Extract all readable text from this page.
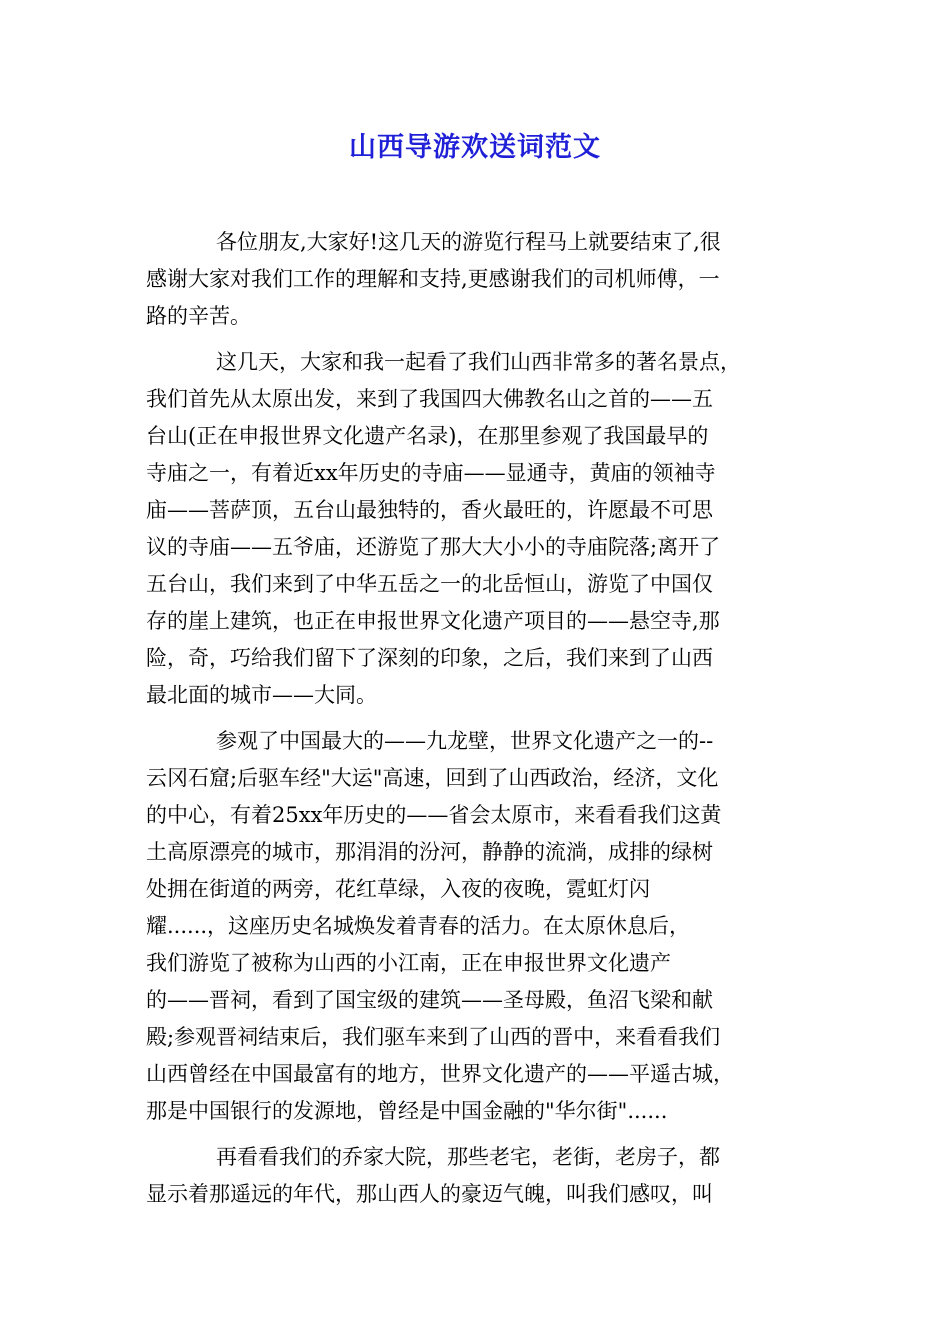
山西导游欢送词范文
各位朋友,大家好!这几天的游览行程马上就要结束了,很
感谢大家对我们工作的理解和支持,更感谢我们的司机师傅，一
路的辛苦。
这几天，大家和我一起看了我们山西非常多的著名景点，
我们首先从太原出发，来到了我国四大佛教名山之首的——五
台山(正在申报世界文化遗产名录)，在那里参观了我国最早的
寺庙之一，有着近xx年历史的寺庙——显通寺，黄庙的领袖寺
庙——菩萨顶，五台山最独特的，香火最旺的，许愿最不可思
议的寺庙——五爷庙，还游览了那大大小小的寺庙院落;离开了
五台山，我们来到了中华五岳之一的北岳恒山，游览了中国仅
存的崖上建筑，也正在申报世界文化遗产项目的——悬空寺,那
险，奇，巧给我们留下了深刻的印象，之后，我们来到了山西
最北面的城市——大同。
参观了中国最大的——九龙壁，世界文化遗产之一的--
云冈石窟;后驱车经"大运"高速，回到了山西政治，经济，文化
的中心，有着25xx年历史的——省会太原市，来看看我们这黄
土高原漂亮的城市，那涓涓的汾河，静静的流淌，成排的绿树
处拥在街道的两旁，花红草绿，入夜的夜晚，霓虹灯闪
耀......，这座历史名城焕发着青春的活力。在太原休息后，
我们游览了被称为山西的小江南，正在申报世界文化遗产
的——晋祠，看到了国宝级的建筑——圣母殿，鱼沼飞梁和献
殿;参观晋祠结束后，我们驱车来到了山西的晋中，来看看我们
山西曾经在中国最富有的地方，世界文化遗产的——平遥古城，
那是中国银行的发源地，曾经是中国金融的"华尔街"......
再看看我们的乔家大院，那些老宅，老街，老房子，都
显示着那遥远的年代，那山西人的豪迈气魄，叫我们感叹，叫
